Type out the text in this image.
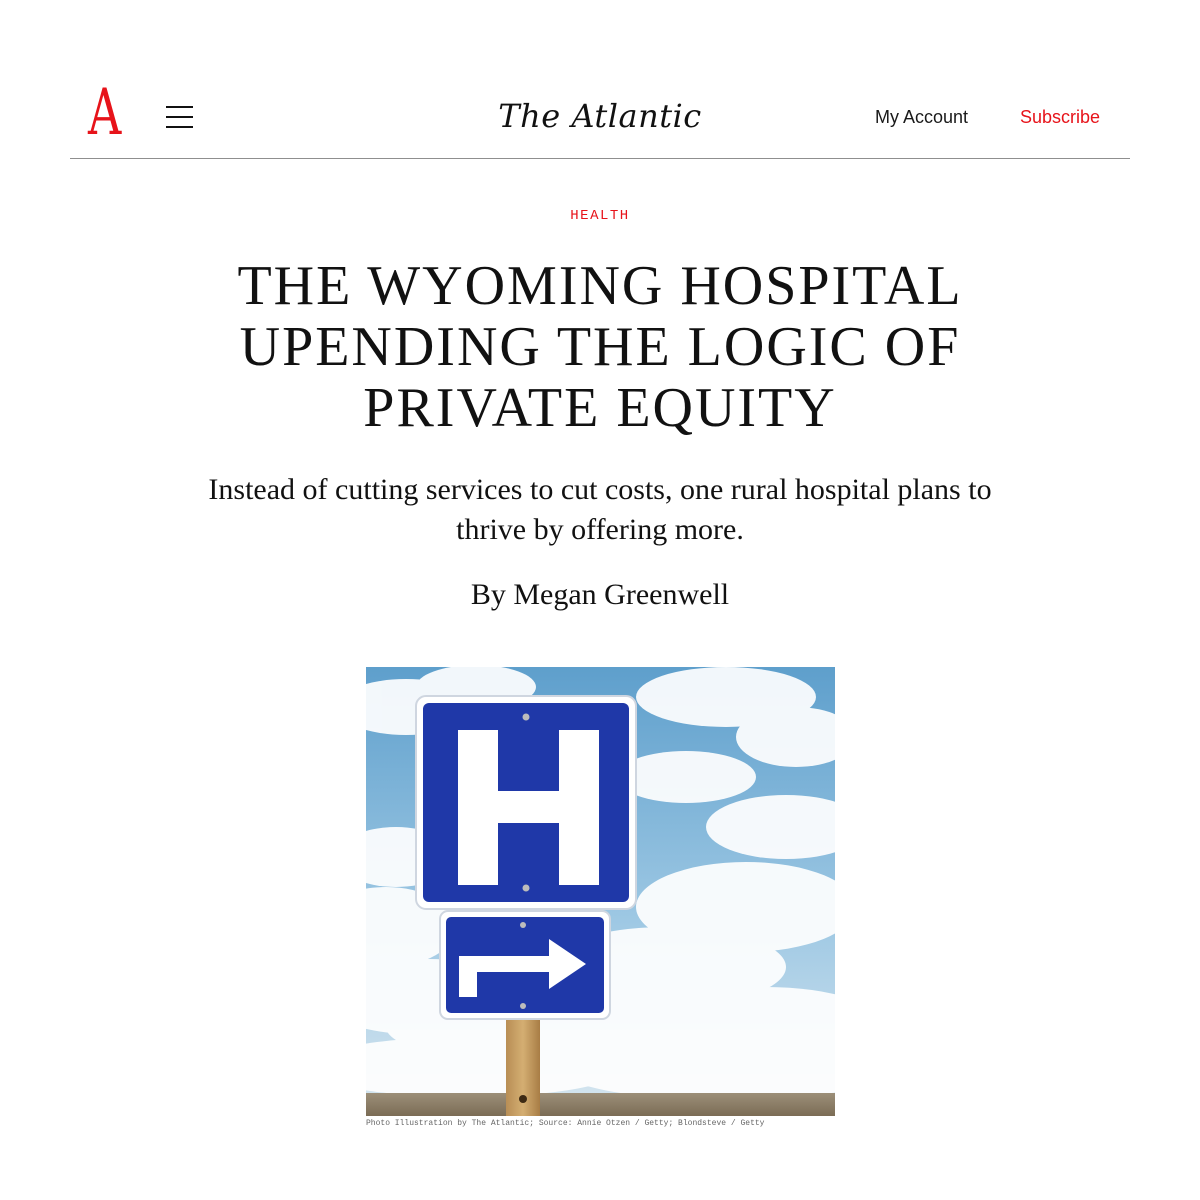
A	The Atlantic	My Account	Subscribe
HEALTH
THE WYOMING HOSPITAL UPENDING THE LOGIC OF PRIVATE EQUITY

Instead of cutting services to cut costs, one rural hospital plans to thrive by offering more.

By Megan Greenwell
Photo Illustration by The Atlantic; Source: Annie Otzen / Getty; Blondsteve / Getty
